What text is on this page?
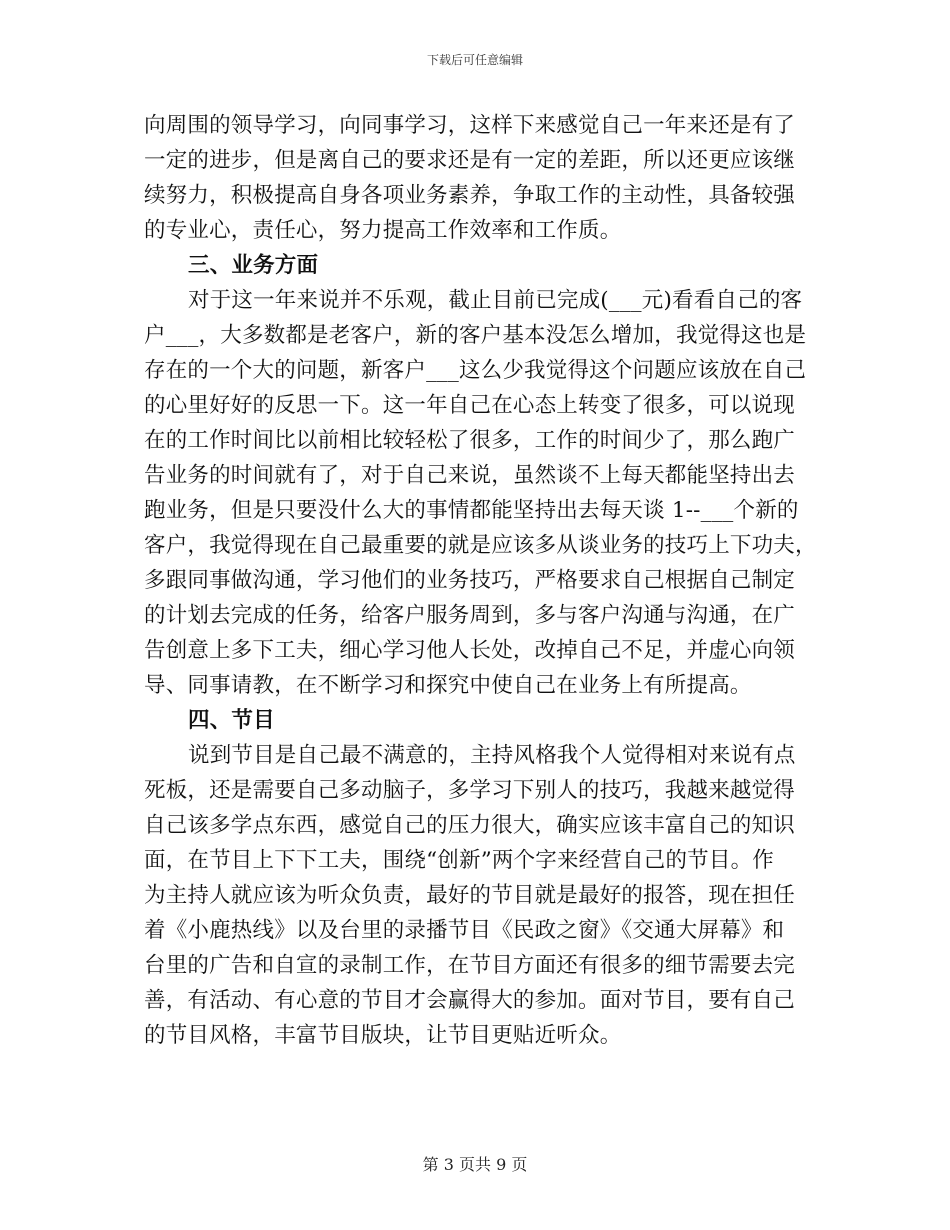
下载后可任意编辑
向周围的领导学习，向同事学习，这样下来感觉自己一年来还是有了
一定的进步，但是离自己的要求还是有一定的差距，所以还更应该继
续努力，积极提高自身各项业务素养，争取工作的主动性，具备较强
的专业心，责任心，努力提高工作效率和工作质。
三、业务方面
对于这一年来说并不乐观，截止目前已完成(___元)看看自己的客
户___，大多数都是老客户，新的客户基本没怎么增加，我觉得这也是
存在的一个大的问题，新客户___这么少我觉得这个问题应该放在自己
的心里好好的反思一下。这一年自己在心态上转变了很多，可以说现
在的工作时间比以前相比较轻松了很多，工作的时间少了，那么跑广
告业务的时间就有了，对于自己来说，虽然谈不上每天都能坚持出去
跑业务，但是只要没什么大的事情都能坚持出去每天谈 1--___个新的
客户，我觉得现在自己最重要的就是应该多从谈业务的技巧上下功夫，
多跟同事做沟通，学习他们的业务技巧，严格要求自己根据自己制定
的计划去完成的任务，给客户服务周到，多与客户沟通与沟通，在广
告创意上多下工夫，细心学习他人长处，改掉自己不足，并虚心向领
导、同事请教，在不断学习和探究中使自己在业务上有所提高。
四、节目
说到节目是自己最不满意的，主持风格我个人觉得相对来说有点
死板，还是需要自己多动脑子，多学习下别人的技巧，我越来越觉得
自己该多学点东西，感觉自己的压力很大，确实应该丰富自己的知识
面，在节目上下下工夫，围绕“创新”两个字来经营自己的节目。作
为主持人就应该为听众负责，最好的节目就是最好的报答，现在担任
着《小鹿热线》以及台里的录播节目《民政之窗》《交通大屏幕》和
台里的广告和自宣的录制工作，在节目方面还有很多的细节需要去完
善，有活动、有心意的节目才会赢得大的参加。面对节目，要有自己
的节目风格，丰富节目版块，让节目更贴近听众。
第 3 页共 9 页
